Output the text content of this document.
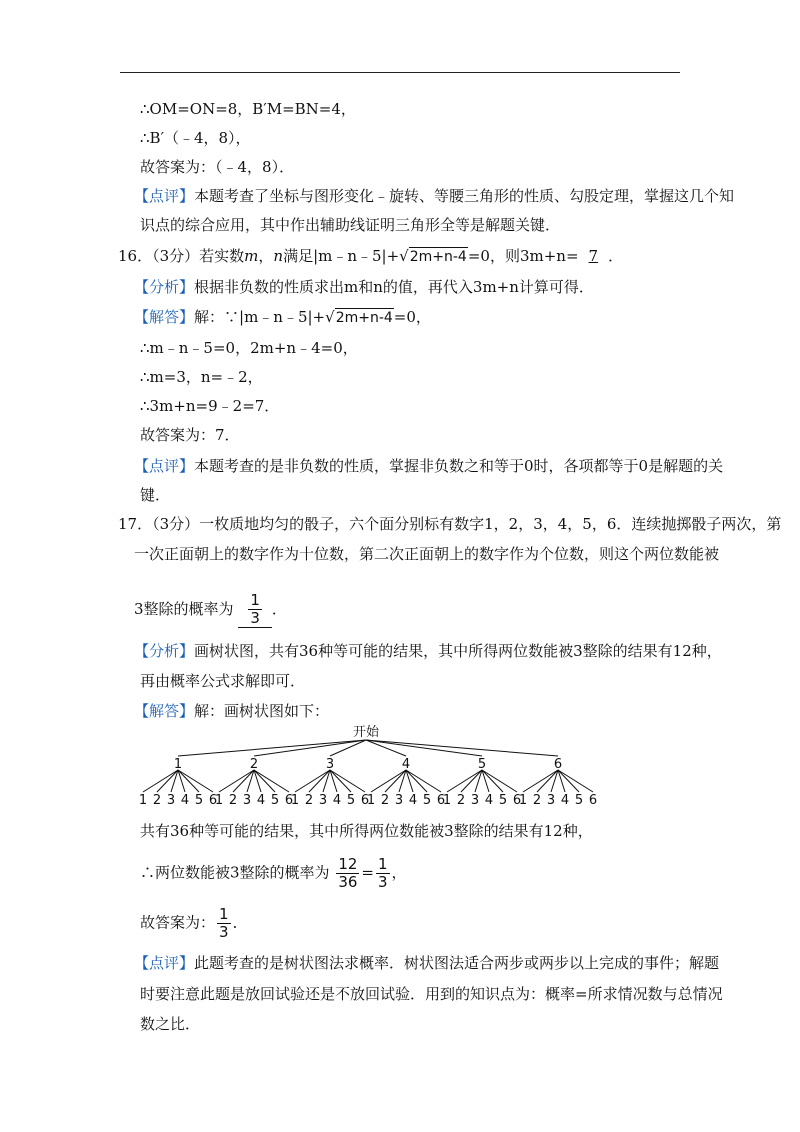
∴OM=ON=8，B′M=BN=4，
∴B′（﹣4，8），
故答案为：（﹣4，8）．
【点评】本题考查了坐标与图形变化﹣旋转、等腰三角形的性质、勾股定理，掌握这几个知
识点的综合应用，其中作出辅助线证明三角形全等是解题关键．
16．（3分）若实数m，n满足|m﹣n﹣5|+√2m+n-4=0，则3m+n= 7 ．
【分析】根据非负数的性质求出m和n的值，再代入3m+n计算可得．
【解答】解：∵|m﹣n﹣5|+√2m+n-4=0，
∴m﹣n﹣5=0，2m+n﹣4=0，
∴m=3，n=﹣2，
∴3m+n=9﹣2=7．
故答案为：7．
【点评】本题考查的是非负数的性质，掌握非负数之和等于0时，各项都等于0是解题的关
键．
17．（3分）一枚质地均匀的骰子，六个面分别标有数字1，2，3，4，5，6．连续抛掷骰子两次，第
一次正面朝上的数字作为十位数，第二次正面朝上的数字作为个位数，则这个两位数能被
3整除的概率为 $\frac{1}{3}$ ．
【分析】画树状图，共有36种等可能的结果，其中所得两位数能被3整除的结果有12种，
再由概率公式求解即可．
【解答】解：画树状图如下：
开始
1	2	3	4	5	6
1 2 3 4 5 6
1 2 3 4 5 6
1 2 3 4 5 6
1 2 3 4 5 6
1 2 3 4 5 6
1 2 3 4 5 6
共有36种等可能的结果，其中所得两位数能被3整除的结果有12种，
∴两位数能被3整除的概率为 $\frac{12}{36} = \frac{1}{3}$ ，
故答案为： $\frac{1}{3}$ ．
【点评】此题考查的是树状图法求概率．树状图法适合两步或两步以上完成的事件；解题
时要注意此题是放回试验还是不放回试验．用到的知识点为：概率=所求情况数与总情况
数之比．
